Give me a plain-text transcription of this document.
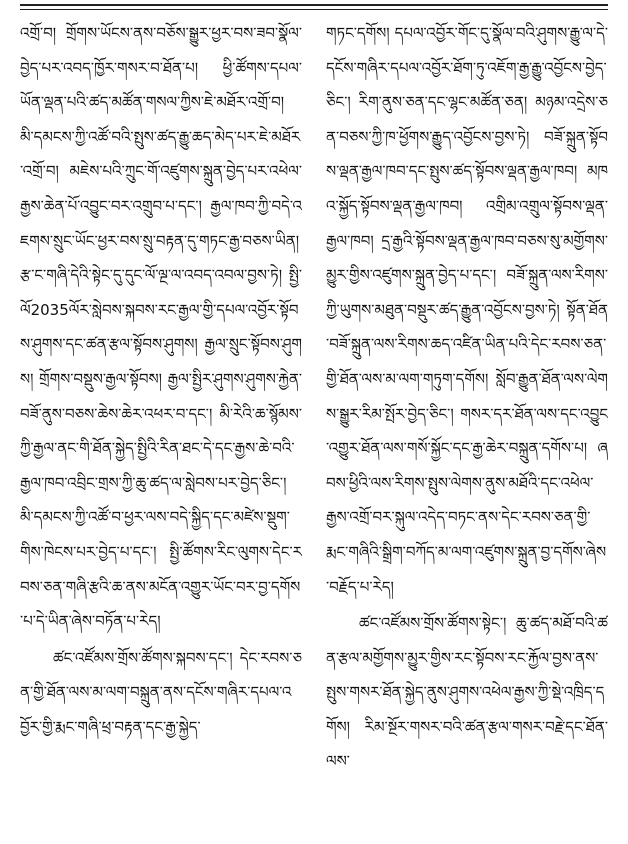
འགྲོ་བ། གྲོགས་ཡོངས་ནས་བཅོས་སྒྱུར་ཕྱར་བས་ཟབ་སྣོལ་བྱེད་པར་འབད་ཁྱོར་གསར་བ་ཐོན་པ། ཕྱི་ཚོགས་དཔལ་ཡོན་ལྡན་པའི་ཚད་མཚོན་གསལ་ཀྱིས་ཇེ་མཐོར་འགྲོ་བ། མི་དམངས་ཀྱི་འཚོ་བའི་སྤུས་ཚད་རྒྱུ་ཆད་མེད་པར་ཇེ་མཐོར་འགྲོ་བ། མཇེས་པའི་ཀྲུང་གོ་འཛུགས་སྐྲུན་བྱེད་པར་འཕེལ་རྒྱས་ཆེན་པོ་འབྱུང་བར་འགྲུབ་པ་དང་། རྒྱལ་ཁབ་ཀྱི་བདེ་འཇགས་སྲུང་ཡོང་ཕྱར་བས་སྲུ་བརྟན་དུ་གཏང་རྒྱ་བཅས་ཡིན། རྩ་ང་གཞི་དེའི་སྟེང་དུ་དུང་ལོ་ལྔ་ལ་འབད་འབལ་བྱས་ཏེ། སྤྱི་ལོ2035ལོར་སླེབས་སྐབས་རང་རྒྱལ་གྱི་དཔལ་འབྱོར་སྟོབས་ཤུགས་དང་ཚན་རྩལ་སྟོབས་ཤུགས། རྒྱལ་སྲུང་སྟོབས་ཤུགས། གྲོགས་བསྡུས་རྒྱལ་སྟོབས། རྒྱལ་སྤྱིར་ཤུགས་ཤུགས་རྐྱེན་བཟོ་ནུས་བཅས་ཆེས་ཆེར་འཕར་བ་དང་། མི་རེའི་ཆ་སྙོམས་ཀྱི་རྒྱལ་ནང་གི་ཐོན་སྐྱེད་སྤྱིའི་རིན་ཐང་དེ་དང་རྒྱས་ཆེ་བའི་རྒྱལ་ཁབ་འབྲིང་གྲས་ཀྱི་ཆུ་ཚད་ལ་སླེབས་པར་བྱེད་ཅིང་། མི་དམངས་ཀྱི་འཚོ་བ་ཕྱར་ལས་བདེ་སྐྱིད་དང་མཛེས་སྡུག་གིས་ཁེངས་པར་བྱེད་པ་དང་། སྤྱི་ཚོགས་རིང་ལུགས་དེང་རབས་ཅན་གཞི་རྩའི་ཆ་ནས་མངོན་འགྱུར་ཡོང་བར་བྱ་དགོས་པ་དེ་ཡིན་ཞེས་བཏོན་པ་རེད།

ཚང་འཛོམས་གྲོས་ཚོགས་སྐབས་དང་། དེང་རབས་ཅན་གྱི་ཐོན་ལས་མ་ལག་བསྐྲུན་ནས་དངོས་གཞིར་དཔལ་འབྱོར་གྱི་རྨང་གཞི་ཕྲ་བརྟན་དང་རྒྱ་སྐྱེད་

གཏང་དགོས། དཔལ་འབྱོར་གོང་དུ་སྣོལ་བའི་ཤུགས་རྒྱུ་ལ་དེ་དངོས་གཞིར་དཔལ་འབྱོར་ཐོག་ཏུ་འཇོག་རྒྱ་རྒྱུ་འབྱོངས་བྱེད་ཅིང་། རིག་ནུས་ཅན་དང་ལྷང་མཚོན་ཅན། མཉམ་འདྲེས་ཅན་བཅས་ཀྱི་ཁ་ཕྱོགས་རྒྱུད་འབྱོངས་བྱས་ཏེ། བཟོ་སྐྲུན་སྟོབས་ལྡན་རྒྱལ་ཁབ་དང་སྤུས་ཚད་སྟོབས་ལྡན་རྒྱལ་ཁབ། མཁའ་སྐྱོད་སྟོབས་ལྡན་རྒྱལ་ཁབ། འགྲིམ་འགྲུལ་སྟོབས་ལྡན་རྒྱལ་ཁབ། དྲ་རྒྱའི་སྟོབས་ལྡན་རྒྱལ་ཁབ་བཅས་སུ་མགྱོགས་མྱུར་གྱིས་འཛུགས་སྐྲུན་བྱེད་པ་དང་། བཟོ་སྐྲུན་ལས་རིགས་ཀྱི་ཡུགས་མཐུན་བསྡུར་ཚད་རྒྱུན་འབྱོངས་བྱས་ཏེ། སྟོན་ཐོན་བཟོ་སྐྲུན་ལས་རིགས་ཆད་འཛིན་ཡིན་པའི་དེང་རབས་ཅན་གྱི་ཐོན་ལས་མ་ལག་གཏུག་དགོས། སློབ་རྒྱུན་ཐོན་ལས་ལེགས་སྒྱུར་རིམ་སྤོར་བྱེད་ཅིང་། གསར་དར་ཐོན་ལས་དང་འབྱུང་འགྱུར་ཐོན་ལས་གསོ་སྐྱོང་དང་རྒྱ་ཆེར་བསྐྲུན་དགོས་པ། ཞབས་ཕྱིའི་ལས་རིགས་སྤུས་ལེགས་ནུས་མཐོའི་དང་འཕེལ་རྒྱས་འགྲོ་བར་སྐུལ་འདེད་བཏང་ནས་དེང་རབས་ཅན་གྱི་རྨང་གཞིའི་སྒྲིག་བཀོད་མ་ལག་འཛུགས་སྐྲུན་བྱ་དགོས་ཞེས་བརྗོད་པ་རེད།

ཚང་འཛོམས་གྲོས་ཚོགས་སྟེང་། ཆུ་ཚད་མཐོ་བའི་ཚན་རྩལ་མགྱོགས་མྱུར་གྱིས་རང་སྟོབས་རང་རྐྱོལ་བྱས་ནས་སྤུས་གསར་ཐོན་སྐྱེད་ནུས་ཤུགས་འཕེལ་རྒྱས་ཀྱི་སྡེ་འཁྲིད་དགོས། རིམ་སྔོར་གསར་བའི་ཚན་རྩལ་གསར་བརྗེ་དང་ཐོན་ལས་
